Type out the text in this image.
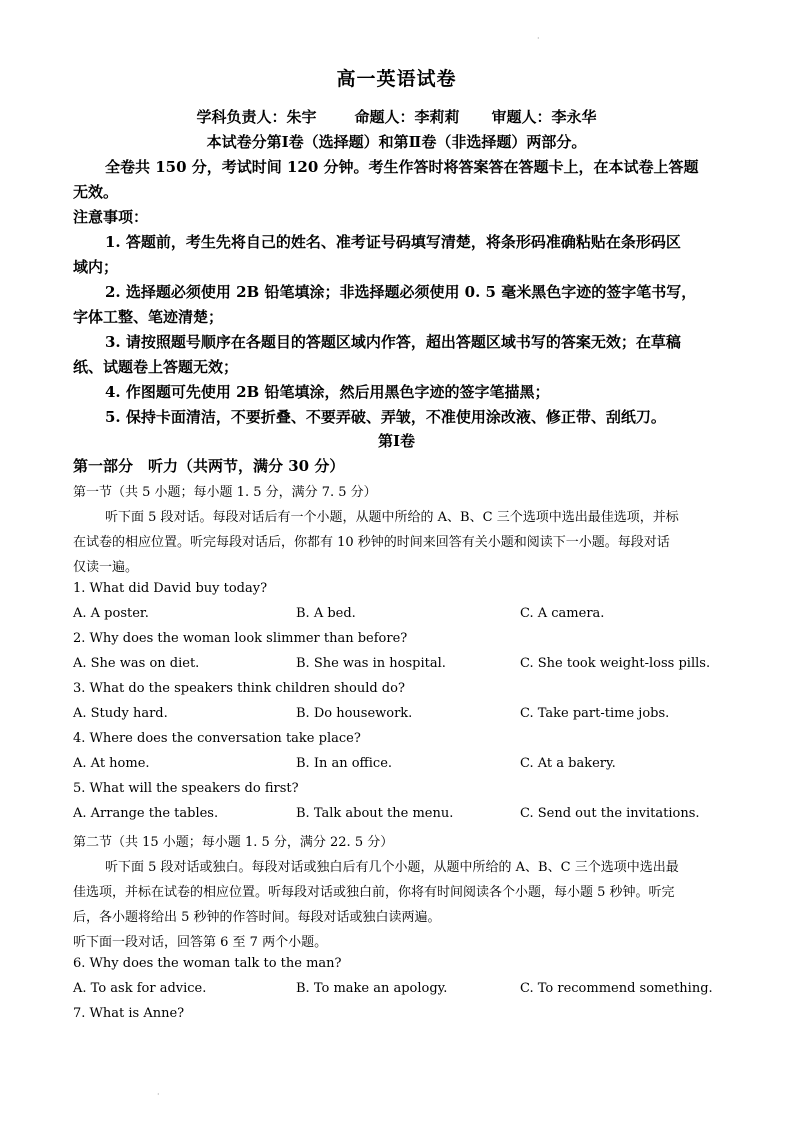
·
高一英语试卷
学科负责人：朱宇	命题人：李莉莉 审题人：李永华
本试卷分第Ⅰ卷（选择题）和第Ⅱ卷（非选择题）两部分。
全卷共 150 分，考试时间 120 分钟。考生作答时将答案答在答题卡上，在本试卷上答题
无效。
注意事项：
1. 答题前，考生先将自己的姓名、准考证号码填写清楚，将条形码准确粘贴在条形码区
域内；
2. 选择题必须使用 2B 铅笔填涂；非选择题必须使用 0. 5 毫米黑色字迹的签字笔书写，
字体工整、笔迹清楚；
3. 请按照题号顺序在各题目的答题区域内作答，超出答题区域书写的答案无效；在草稿
纸、试题卷上答题无效；
4. 作图题可先使用 2B 铅笔填涂，然后用黑色字迹的签字笔描黑；
5. 保持卡面清洁，不要折叠、不要弄破、弄皱，不准使用涂改液、修正带、刮纸刀。
第Ⅰ卷
第一部分　听力（共两节，满分 30 分）
第一节（共 5 小题；每小题 1. 5 分，满分 7. 5 分）
听下面 5 段对话。每段对话后有一个小题，从题中所给的 A、B、C 三个选项中选出最佳选项，并标
在试卷的相应位置。听完每段对话后，你都有 10 秒钟的时间来回答有关小题和阅读下一小题。每段对话
仅读一遍。
1. What did David buy today?
A. A poster.	B. A bed.	C. A camera.
2. Why does the woman look slimmer than before?
A. She was on diet.	B. She was in hospital.	C. She took weight-loss pills.
3. What do the speakers think children should do?
A. Study hard.	B. Do housework.	C. Take part-time jobs.
4. Where does the conversation take place?
A. At home.	B. In an office.	C. At a bakery.
5. What will the speakers do first?
A. Arrange the tables.	B. Talk about the menu.	C. Send out the invitations.
第二节（共 15 小题；每小题 1. 5 分，满分 22. 5 分）
听下面 5 段对话或独白。每段对话或独白后有几个小题，从题中所给的 A、B、C 三个选项中选出最
佳选项，并标在试卷的相应位置。听每段对话或独白前，你将有时间阅读各个小题，每小题 5 秒钟。听完
后，各小题将给出 5 秒钟的作答时间。每段对话或独白读两遍。
听下面一段对话，回答第 6 至 7 两个小题。
6. Why does the woman talk to the man?
A. To ask for advice.	B. To make an apology.	C. To recommend something.
7. What is Anne?
·
